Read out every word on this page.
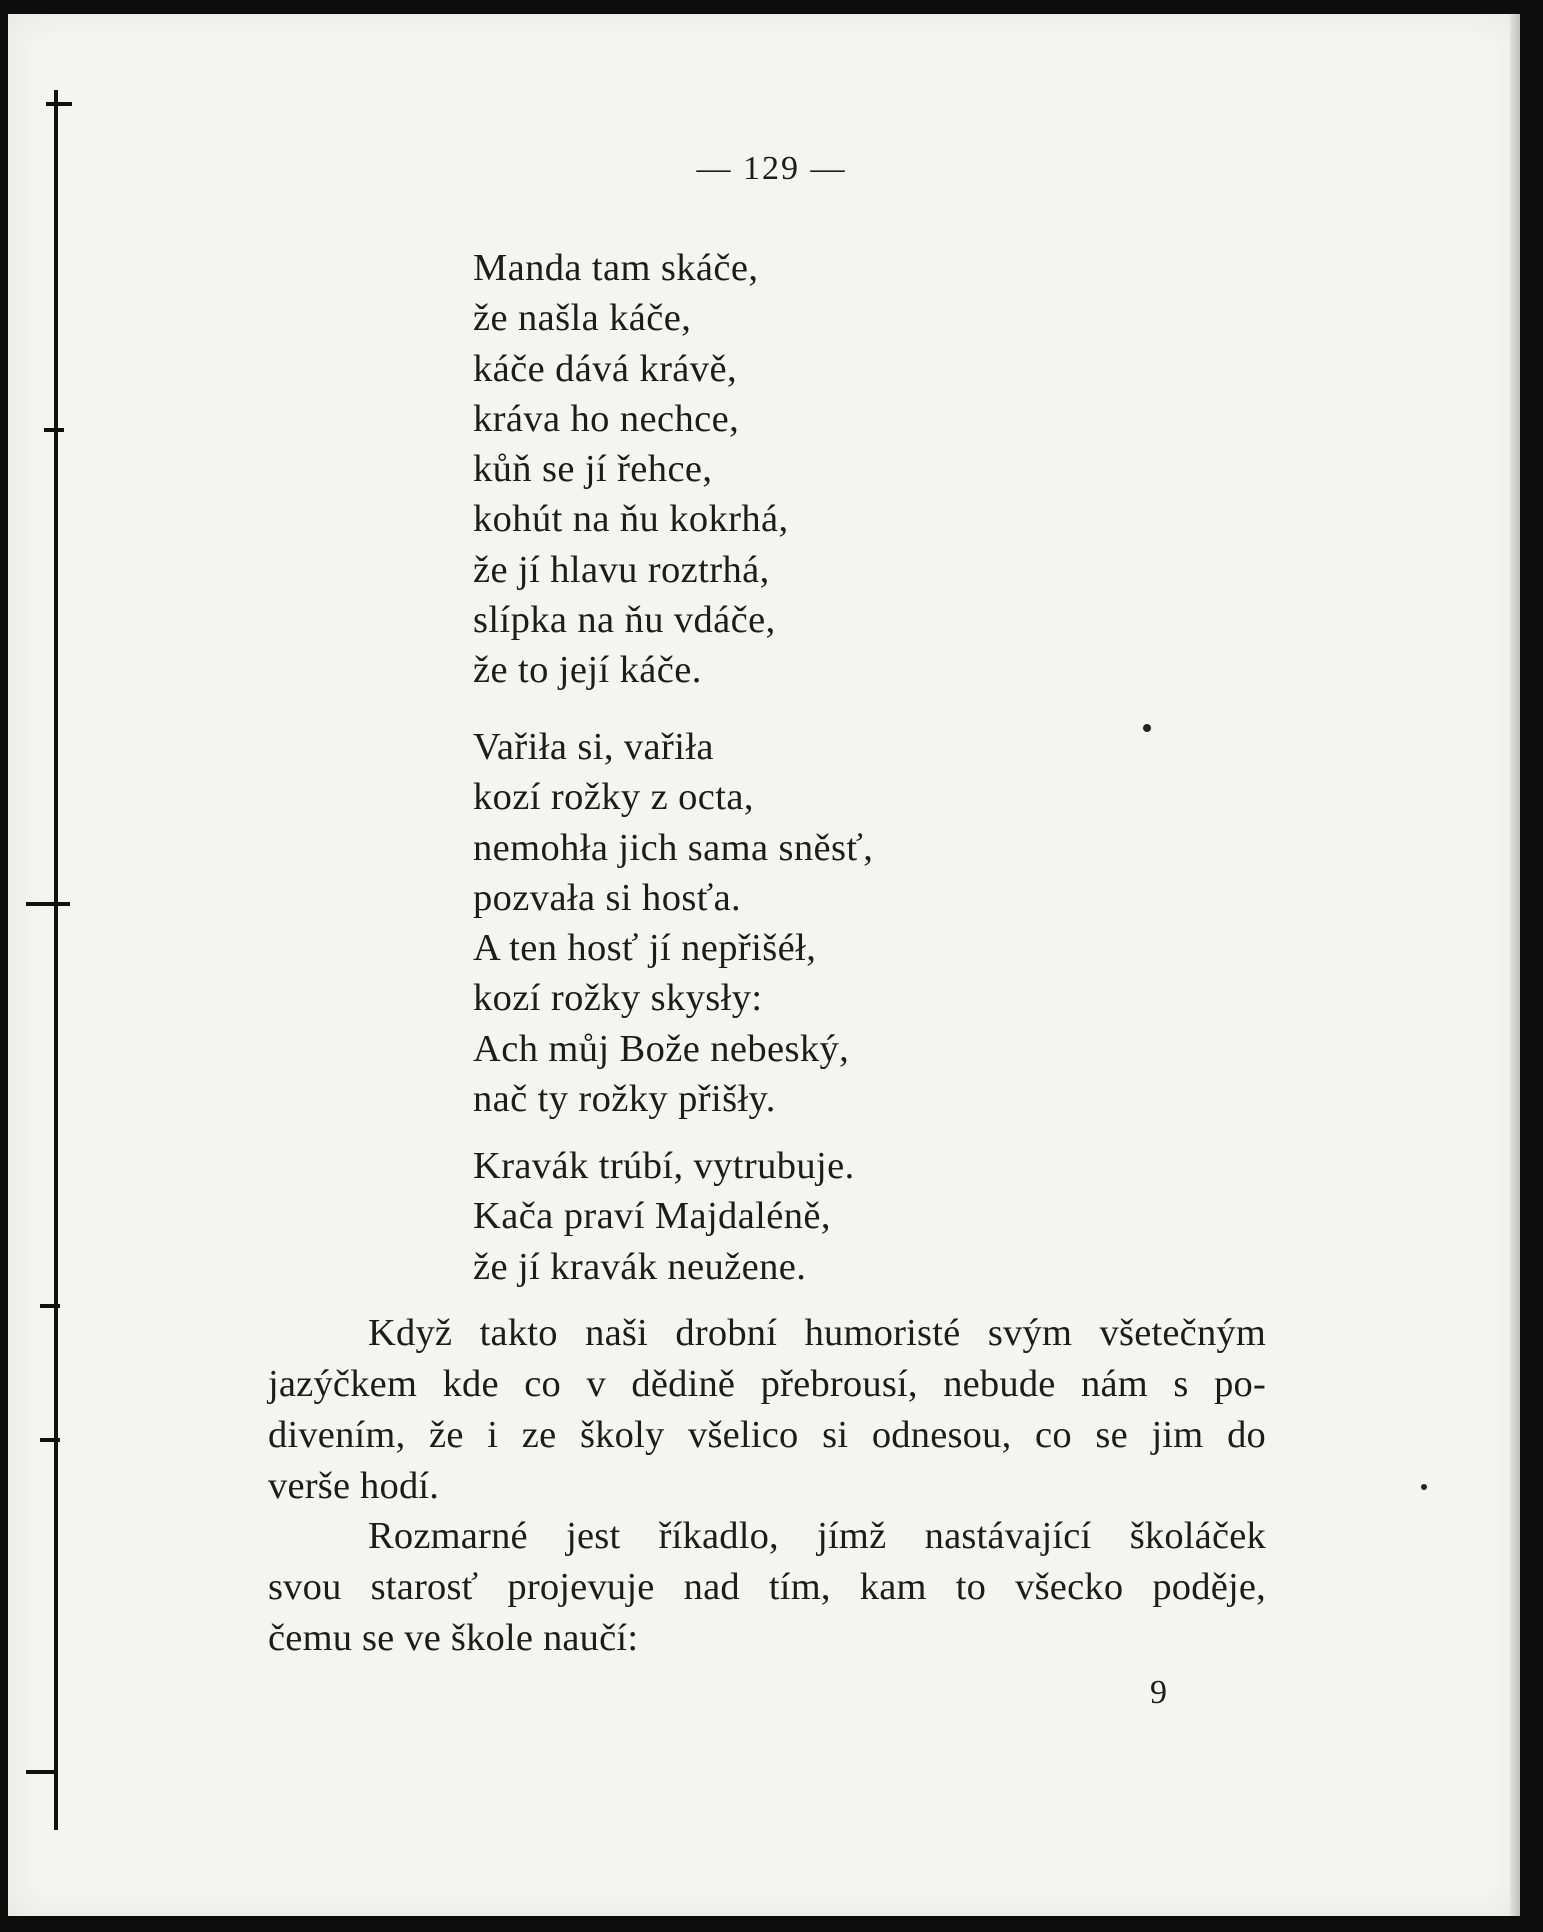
— 129 —
Manda tam skáče,
že našla káče,
káče dává krávě,
kráva ho nechce,
kůň se jí řehce,
kohút na ňu kokrhá,
že jí hlavu roztrhá,
slípka na ňu vdáče,
že to její káče.
Vařiła si, vařiła
kozí rožky z octa,
nemohła jich sama sněsť,
pozvała si hosťa.
A ten hosť jí nepřišéł,
kozí rožky skysły:
Ach můj Bože nebeský,
nač ty rožky přišły.
Kravák trúbí, vytrubuje.
Kača praví Majdaléně,
že jí kravák neužene.
Když takto naši drobní humoristé svým všetečným
jazýčkem kde co v dědině přebrousí, nebude nám s po-
divením, že i ze školy všelico si odnesou, co se jim do
verše hodí.
Rozmarné jest říkadlo, jímž nastávající školáček
svou starosť projevuje nad tím, kam to všecko poděje,
čemu se ve škole naučí:
9
